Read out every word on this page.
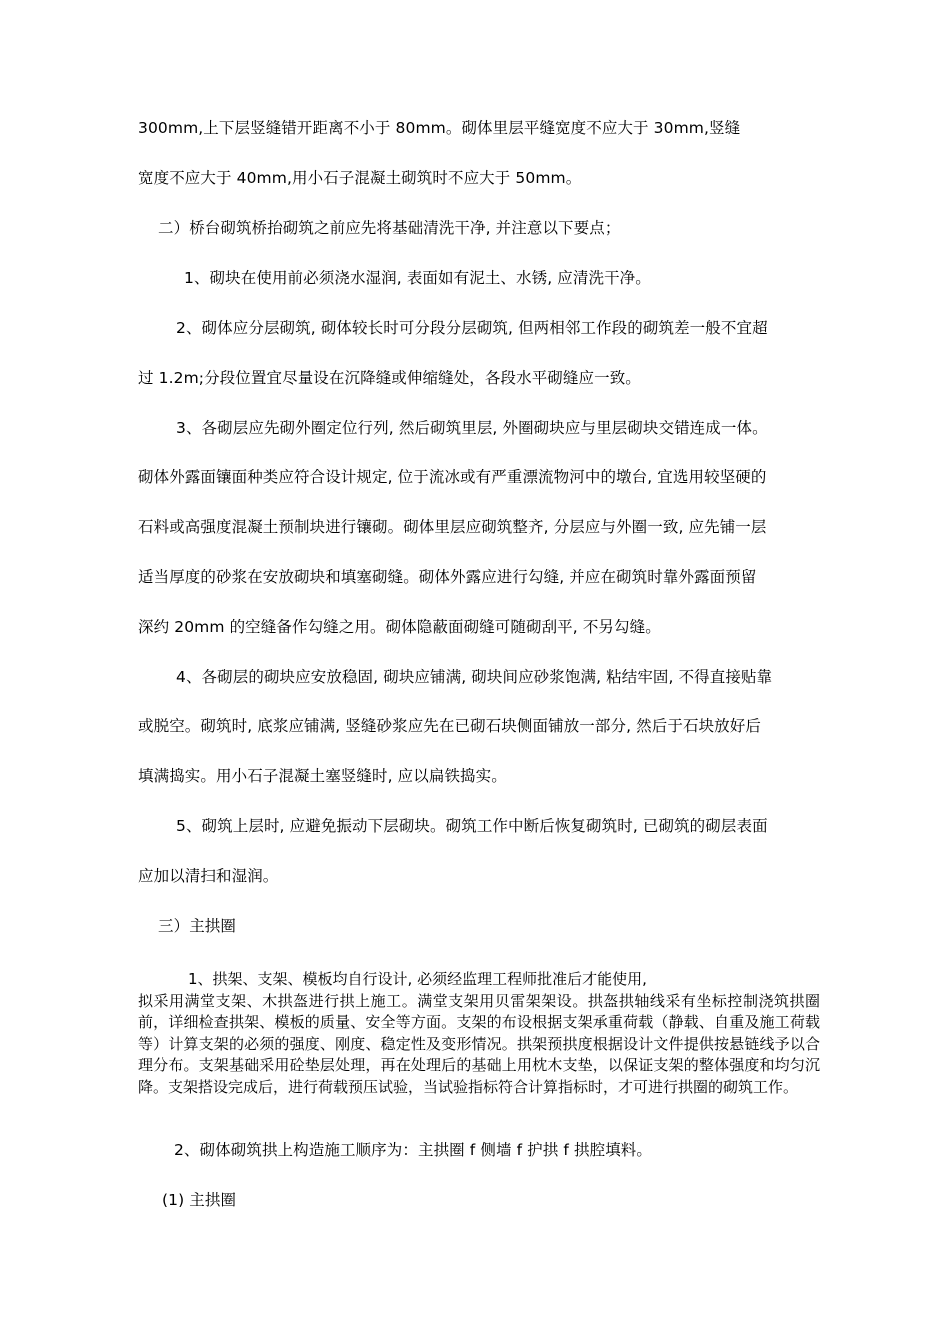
300mm,上下层竖缝错开距离不小于 80mm。砌体里层平缝宽度不应大于 30mm,竖缝
宽度不应大于 40mm,用小石子混凝土砌筑时不应大于 50mm。
二）桥台砌筑桥抬砌筑之前应先将基础清洗干净, 并注意以下要点；
1、砌块在使用前必须浇水湿润, 表面如有泥土、水锈, 应清洗干净。
2、砌体应分层砌筑, 砌体较长时可分段分层砌筑, 但两相邻工作段的砌筑差一般不宜超
过 1.2m;分段位置宜尽量设在沉降缝或伸缩缝处，各段水平砌缝应一致。
3、各砌层应先砌外圈定位行列, 然后砌筑里层, 外圈砌块应与里层砌块交错连成一体。
砌体外露面镶面种类应符合设计规定, 位于流冰或有严重漂流物河中的墩台, 宜选用较坚硬的
石料或高强度混凝土预制块进行镶砌。砌体里层应砌筑整齐, 分层应与外圈一致, 应先铺一层
适当厚度的砂浆在安放砌块和填塞砌缝。砌体外露应进行勾缝, 并应在砌筑时靠外露面预留
深约 20mm 的空缝备作勾缝之用。砌体隐蔽面砌缝可随砌刮平, 不另勾缝。
4、各砌层的砌块应安放稳固, 砌块应铺满, 砌块间应砂浆饱满, 粘结牢固, 不得直接贴靠
或脱空。砌筑时, 底浆应铺满, 竖缝砂浆应先在已砌石块侧面铺放一部分, 然后于石块放好后
填满捣实。用小石子混凝土塞竖缝时, 应以扁铁捣实。
5、砌筑上层时, 应避免振动下层砌块。砌筑工作中断后恢复砌筑时, 已砌筑的砌层表面
应加以清扫和湿润。
三）主拱圈
1、拱架、支架、模板均自行设计, 必须经监理工程师批准后才能使用,
拟采用满堂支架、木拱盔进行拱上施工。满堂支架用贝雷架架设。拱盔拱轴线采有坐标控制浇筑拱圈前，详细检查拱架、模板的质量、安全等方面。支架的布设根据支架承重荷载（静载、自重及施工荷载等）计算支架的必须的强度、刚度、稳定性及变形情况。拱架预拱度根据设计文件提供按悬链线予以合理分布。支架基础采用砼垫层处理，再在处理后的基础上用枕木支垫，以保证支架的整体强度和均匀沉降。支架搭设完成后，进行荷载预压试验，当试验指标符合计算指标时，才可进行拱圈的砌筑工作。
2、砌体砌筑拱上构造施工顺序为：主拱圈 f 侧墙 f 护拱 f 拱腔填料。
(1) 主拱圈
